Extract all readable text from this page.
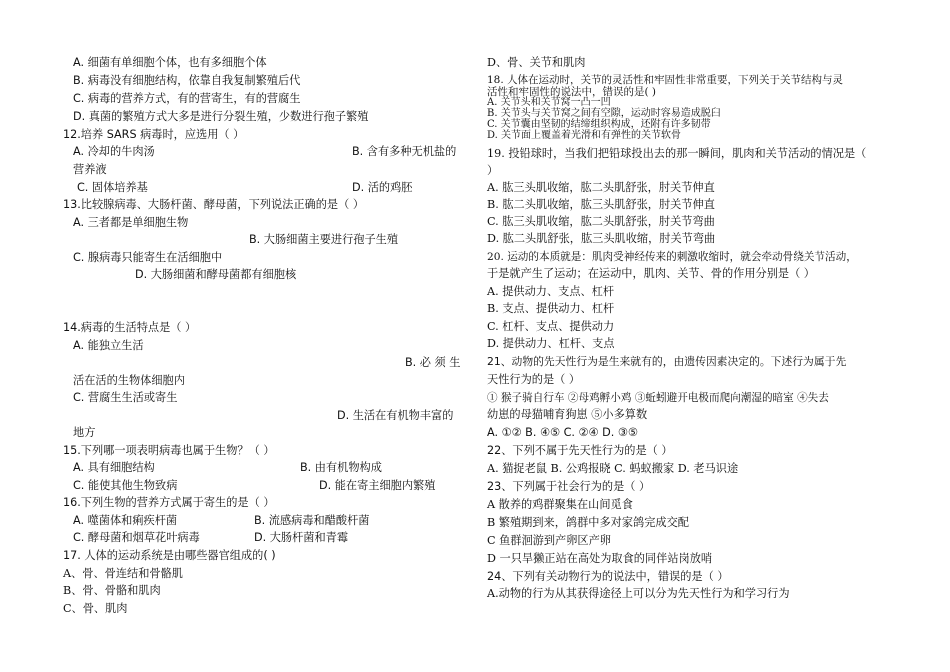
A. 细菌有单细胞个体，也有多细胞个体
B. 病毒没有细胞结构，依靠自我复制繁殖后代
C. 病毒的营养方式，有的营寄生，有的营腐生
D. 真菌的繁殖方式大多是进行分裂生殖，少数进行孢子繁殖
12.培养 SARS 病毒时，应选用（ ）
A. 冷却的牛肉汤	B. 含有多种无机盐的
营养液
C. 固体培养基	D. 活的鸡胚
13.比较腺病毒、大肠杆菌、酵母菌，下列说法正确的是（ ）
A. 三者都是单细胞生物
B. 大肠细菌主要进行孢子生殖
C. 腺病毒只能寄生在活细胞中
D. 大肠细菌和酵母菌都有细胞核
14.病毒的生活特点是（ ）
A. 能独立生活
B. 必 须 生
活在活的生物体细胞内
C. 营腐生生活或寄生
D. 生活在有机物丰富的
地方
15.下列哪一项表明病毒也属于生物？（ ）
A. 具有细胞结构	B. 由有机物构成
C. 能使其他生物致病	D. 能在寄主细胞内繁殖
16.下列生物的营养方式属于寄生的是（ ）
A. 噬菌体和痢疾杆菌	B. 流感病毒和醋酸杆菌
C. 酵母菌和烟草花叶病毒	D. 大肠杆菌和青霉
17. 人体的运动系统是由哪些器官组成的( )
A、骨、骨连结和骨骼肌
B、骨、骨骼和肌肉
C、骨、肌肉
D、骨、关节和肌肉
18. 人体在运动时，关节的灵活性和牢固性非常重要，下列关于关节结构与灵
活性和牢固性的说法中，错误的是( )
A. 关节头和关节窝一凸一凹
B. 关节头与关节窝之间有空隙，运动时容易造成脱臼
C. 关节囊由坚韧的结缔组织构成，还附有许多韧带
D. 关节面上覆盖着光滑和有弹性的关节软骨
19. 投铅球时，当我们把铅球投出去的那一瞬间，肌肉和关节活动的情况是（
）
A. 肱三头肌收缩，肱二头肌舒张，肘关节伸直
B. 肱二头肌收缩，肱三头肌舒张，肘关节伸直
C. 肱三头肌收缩，肱二头肌舒张，肘关节弯曲
D. 肱二头肌舒张，肱三头肌收缩，肘关节弯曲
20. 运动的本质就是：肌肉受神经传来的刺激收缩时，就会牵动骨绕关节活动，
于是就产生了运动；在运动中，肌肉、关节、骨的作用分别是（ ）
A. 提供动力、支点、杠杆
B. 支点、提供动力、杠杆
C. 杠杆、支点、提供动力
D. 提供动力、杠杆、支点
21、动物的先天性行为是生来就有的，由遗传因素决定的。下述行为属于先
天性行为的是（ ）
① 猴子骑自行车 ②母鸡孵小鸡 ③蚯蚓避开电极而爬向潮湿的暗室 ④失去
幼崽的母猫哺育狗崽 ⑤小多算数
A. ①② B. ④⑤ C. ②④ D. ③⑤
22、下列不属于先天性行为的是（ ）
A. 猫捉老鼠 B. 公鸡报晓 C. 蚂蚁搬家 D. 老马识途
23、下列属于社会行为的是（ ）
A 散养的鸡群聚集在山间觅食
B 繁殖期到来，鸽群中多对家鸽完成交配
C 鱼群洄游到产卵区产卵
D 一只旱獭正站在高处为取食的同伴站岗放哨
24、下列有关动物行为的说法中，错误的是（ ）
A.动物的行为从其获得途径上可以分为先天性行为和学习行为
